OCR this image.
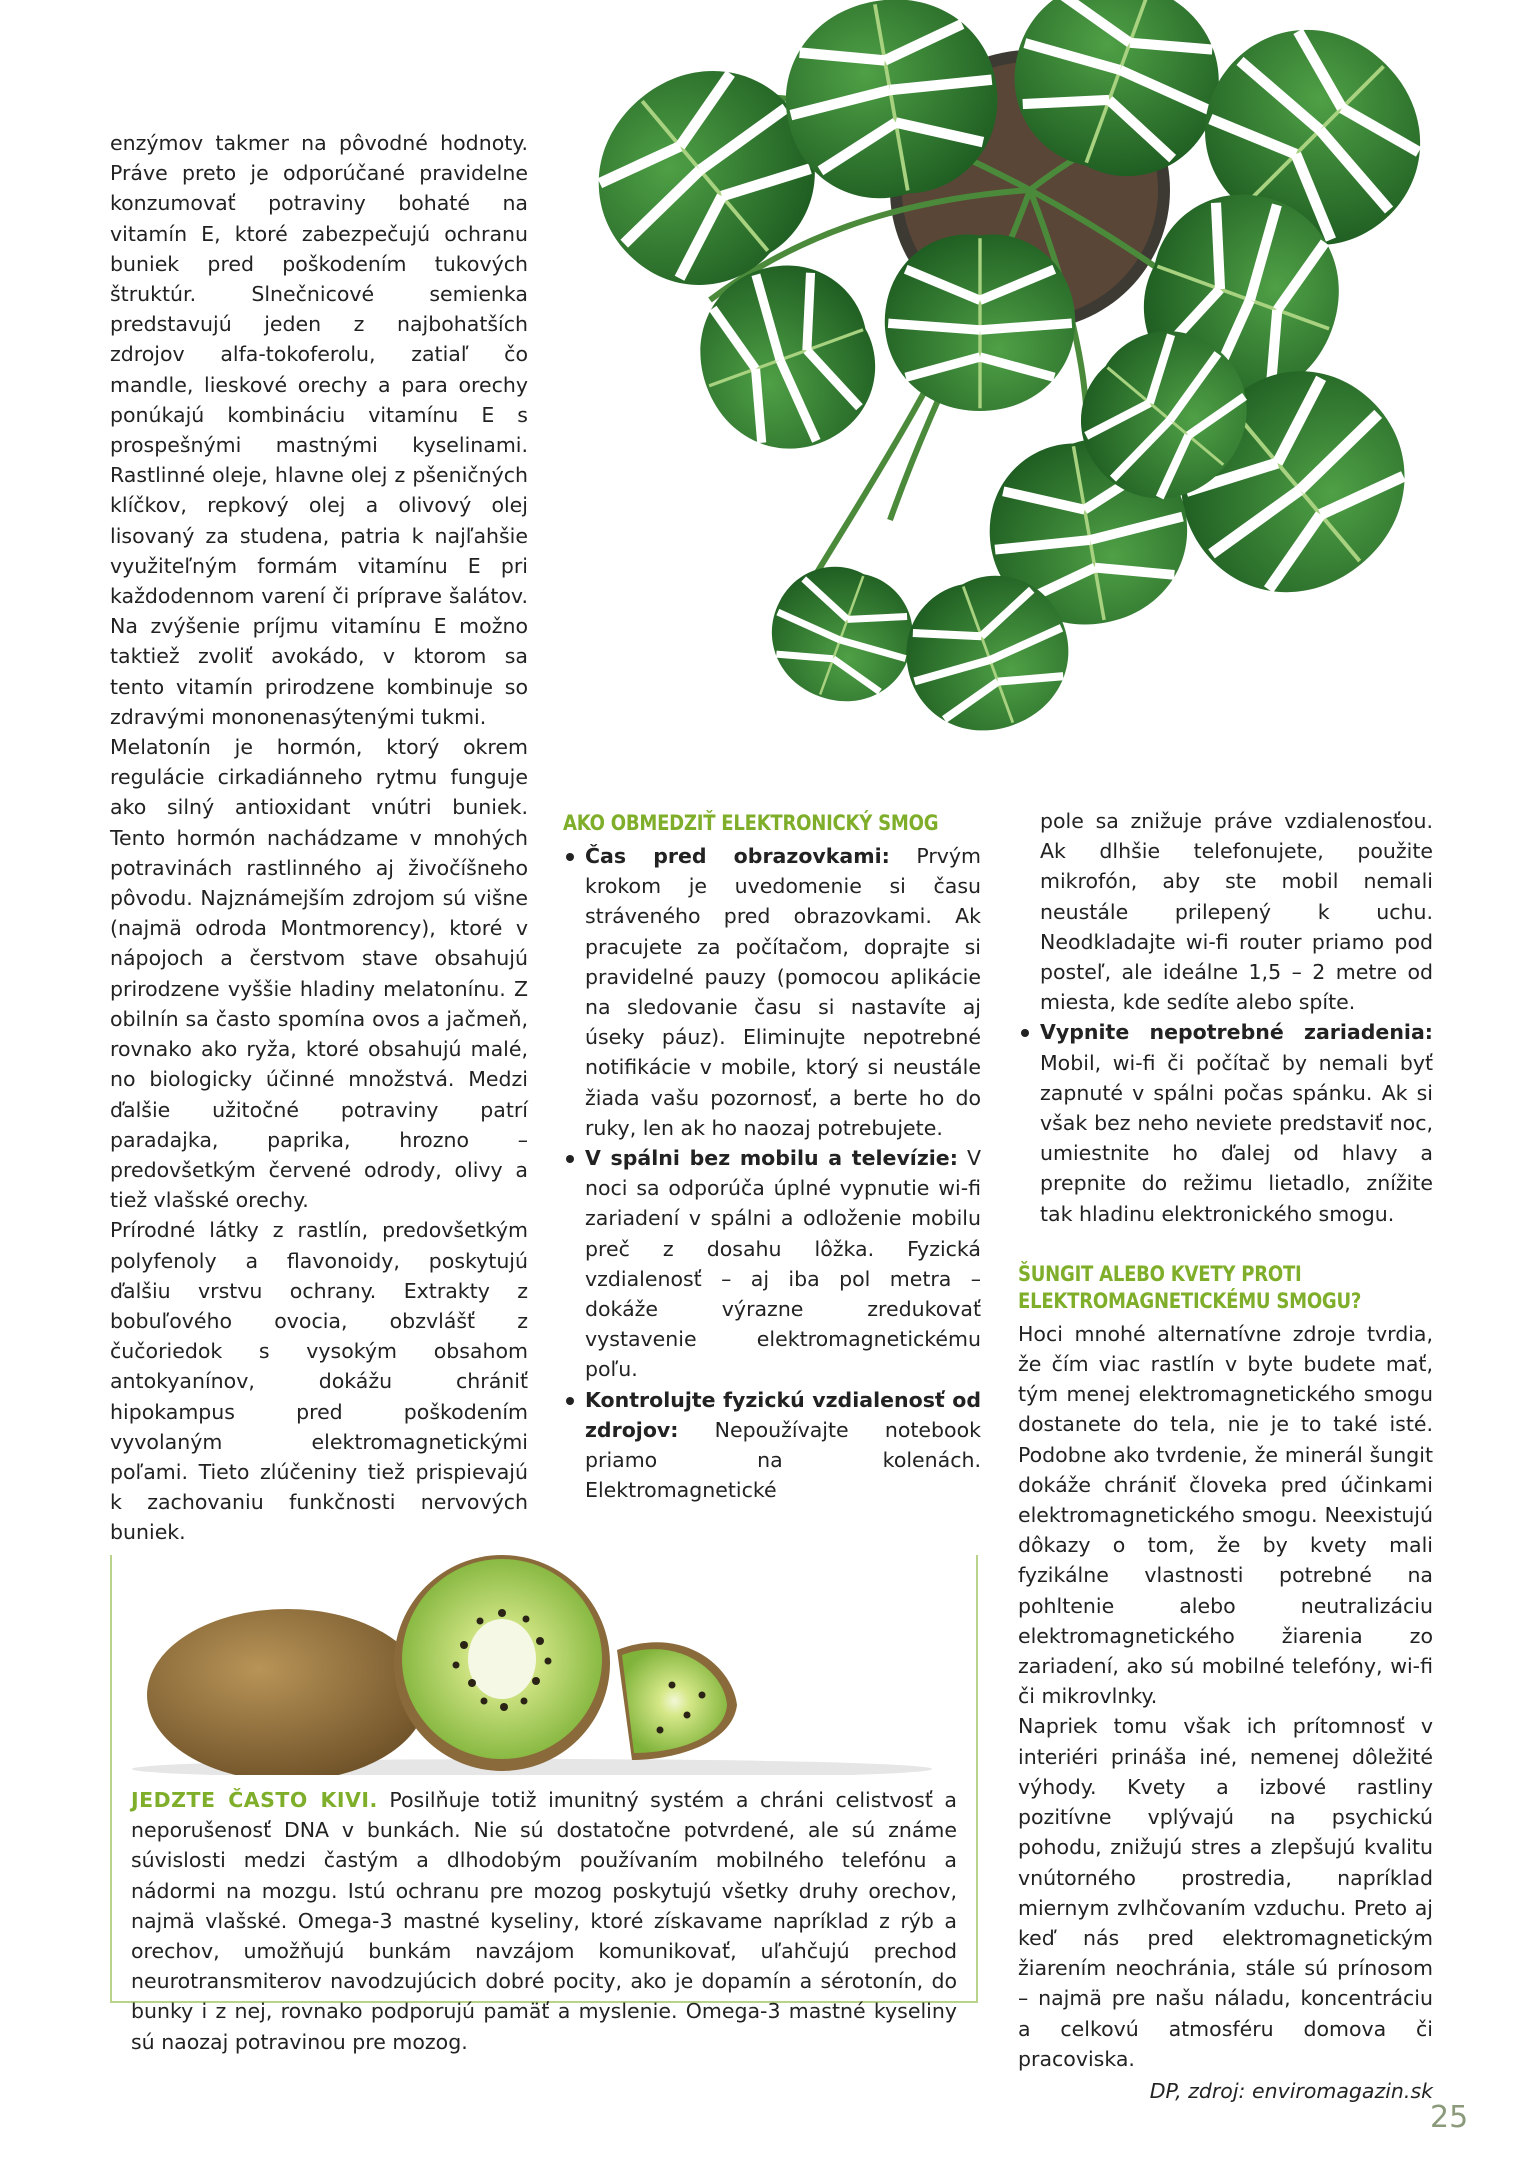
enzýmov takmer na pôvodné hodnoty. Práve preto je odporúčané pravidelne konzumovať potraviny bohaté na vitamín E, ktoré zabezpečujú ochranu buniek pred poškodením tukových štruktúr. Slnečnicové semienka predstavujú jeden z najbohatších zdrojov alfa-tokoferolu, zatiaľ čo mandle, lieskové orechy a para orechy ponúkajú kombináciu vitamínu E s prospešnými mastnými kyselinami. Rastlinné oleje, hlavne olej z pšeničných klíčkov, repkový olej a olivový olej lisovaný za studena, patria k najľahšie využiteľným formám vitamínu E pri každodennom varení či príprave šalátov. Na zvýšenie príjmu vitamínu E možno taktiež zvoliť avokádo, v ktorom sa tento vitamín prirodzene kombinuje so zdravými mononenasýtenými tukmi.

Melatonín je hormón, ktorý okrem regulácie cirkadiánneho rytmu funguje ako silný antioxidant vnútri buniek. Tento hormón nachádzame v mnohých potravinách rastlinného aj živočíšneho pôvodu. Najznámejším zdrojom sú višne (najmä odroda Montmorency), ktoré v nápojoch a čerstvom stave obsahujú prirodzene vyššie hladiny melatonínu. Z obilnín sa často spomína ovos a jačmeň, rovnako ako ryža, ktoré obsahujú malé, no biologicky účinné množstvá. Medzi ďalšie užitočné potraviny patrí paradajka, paprika, hrozno – predovšetkým červené odrody, olivy a tiež vlašské orechy.

Prírodné látky z rastlín, predovšetkým polyfenoly a flavonoidy, poskytujú ďalšiu vrstvu ochrany. Extrakty z bobuľového ovocia, obzvlášť z čučoriedok s vysokým obsahom antokyanínov, dokážu chrániť hipokampus pred poškodením vyvolaným elektromagnetickými poľami. Tieto zlúčeniny tiež prispievajú k zachovaniu funkčnosti nervových buniek.

AKO OBMEDZIŤ ELEKTRONICKÝ SMOG
Čas pred obrazovkami: Prvým krokom je uvedomenie si času stráveného pred obrazovkami. Ak pracujete za počítačom, doprajte si pravidelné pauzy (pomocou aplikácie na sledovanie času si nastavíte aj úseky páuz). Eliminujte nepotrebné notifikácie v mobile, ktorý si neustále žiada vašu pozornosť, a berte ho do ruky, len ak ho naozaj potrebujete.
V spálni bez mobilu a televízie: V noci sa odporúča úplné vypnutie wi-fi zariadení v spálni a odloženie mobilu preč z dosahu lôžka. Fyzická vzdialenosť – aj iba pol metra – dokáže výrazne zredukovať vystavenie elektromagnetickému poľu.
Kontrolujte fyzickú vzdialenosť od zdrojov: Nepoužívajte notebook priamo na kolenách. Elektromagnetické

pole sa znižuje práve vzdialenosťou. Ak dlhšie telefonujete, použite mikrofón, aby ste mobil nemali neustále prilepený k uchu. Neodkladajte wi-fi router priamo pod posteľ, ale ideálne 1,5 – 2 metre od miesta, kde sedíte alebo spíte.

Vypnite nepotrebné zariadenia: Mobil, wi-fi či počítač by nemali byť zapnuté v spálni počas spánku. Ak si však bez neho neviete predstaviť noc, umiestnite ho ďalej od hlavy a prepnite do režimu lietadlo, znížite tak hladinu elektronického smogu.
ŠUNGIT ALEBO KVETY PROTI ELEKTROMAGNETICKÉMU SMOGU?

Hoci mnohé alternatívne zdroje tvrdia, že čím viac rastlín v byte budete mať, tým menej elektromagnetického smogu dostanete do tela, nie je to také isté. Podobne ako tvrdenie, že minerál šungit dokáže chrániť človeka pred účinkami elektromagnetického smogu. Neexistujú dôkazy o tom, že by kvety mali fyzikálne vlastnosti potrebné na pohltenie alebo neutralizáciu elektromagnetického žiarenia zo zariadení, ako sú mobilné telefóny, wi-fi či mikrovlnky.

Napriek tomu však ich prítomnosť v interiéri prináša iné, nemenej dôležité výhody. Kvety a izbové rastliny pozitívne vplývajú na psychickú pohodu, znižujú stres a zlepšujú kvalitu vnútorného prostredia, napríklad miernym zvlhčovaním vzduchu. Preto aj keď nás pred elektromagnetickým žiarením neochránia, stále sú prínosom – najmä pre našu náladu, koncentráciu a celkovú atmosféru domova či pracoviska.

DP, zdroj: enviromagazin.sk

JEDZTE ČASTO KIVI. Posilňuje totiž imunitný systém a chráni celistvosť a neporušenosť DNA v bunkách. Nie sú dostatočne potvrdené, ale sú známe súvislosti medzi častým a dlhodobým používaním mobilného telefónu a nádormi na mozgu. Istú ochranu pre mozog poskytujú všetky druhy orechov, najmä vlašské. Omega-3 mastné kyseliny, ktoré získavame napríklad z rýb a orechov, umožňujú bunkám navzájom komunikovať, uľahčujú prechod neurotransmiterov navodzujúcich dobré pocity, ako je dopamín a sérotonín, do bunky i z nej, rovnako podporujú pamäť a myslenie. Omega-3 mastné kyseliny sú naozaj potravinou pre mozog.
25
